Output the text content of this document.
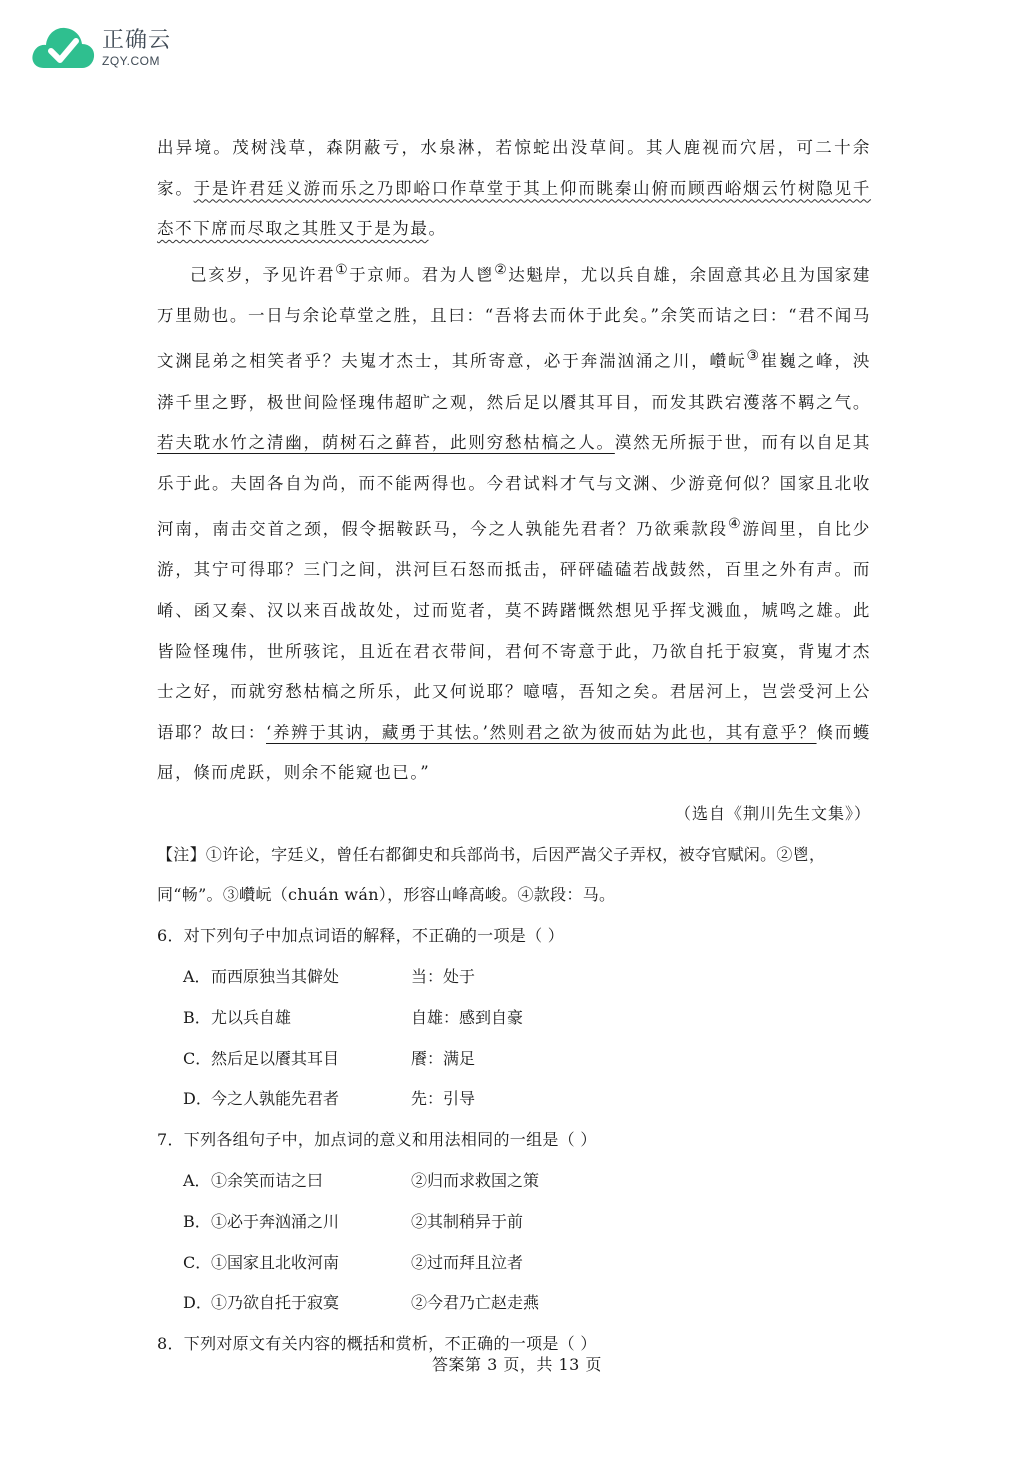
正确云
ZQY.COM

出异境。茂树浅草，森阴蔽亏，水泉淋，若惊蛇出没草间。其人鹿视而穴居，可二十余家。于是许君廷义游而乐之乃即峪口作草堂于其上仰而眺秦山俯而顾西峪烟云竹树隐见千态不下席而尽取之其胜又于是为最。

己亥岁，予见许君①于京师。君为人鬯②达魁岸，尤以兵自雄，余固意其必且为国家建万里勋也。一日与余论草堂之胜，且曰：“吾将去而休于此矣。”余笑而诘之曰：“君不闻马文渊昆弟之相笑者乎？夫嵬才杰士，其所寄意，必于奔湍汹涌之川，巑岏③崔巍之峰，泱漭千里之野，极世间险怪瑰伟超旷之观，然后足以餍其耳目，而发其跌宕濩落不羁之气。若夫耽水竹之清幽，荫树石之藓苔，此则穷愁枯槁之人。漠然无所振于世，而有以自足其乐于此。夫固各自为尚，而不能两得也。今君试料才气与文渊、少游竟何似？国家且北收河南，南击交首之颈，假令据鞍跃马，今之人孰能先君者？乃欲乘款段④游闾里，自比少游，其宁可得耶？三门之间，洪河巨石怒而抵击，砰砰磕磕若战鼓然，百里之外有声。而崤、函又秦、汉以来百战故处，过而览者，莫不踌躇慨然想见乎挥戈溅血，虓鸣之雄。此皆险怪瑰伟，世所骇诧，且近在君衣带间，君何不寄意于此，乃欲自托于寂寞，背嵬才杰士之好，而就穷愁枯槁之所乐，此又何说耶？噫嘻，吾知之矣。君居河上，岂尝受河上公语耶？故曰：‘养辨于其讷，藏勇于其怯。’然则君之欲为彼而姑为此也，其有意乎？倏而蠖屈，倏而虎跃，则余不能窥也已。”

（选自《荆川先生文集》）

【注】①许论，字廷义，曾任右都御史和兵部尚书，后因严嵩父子弄权，被夺官赋闲。②鬯，同“畅”。③巑岏（chuán wán），形容山峰高峻。④款段：马。

6．对下列句子中加点词语的解释，不正确的一项是（ ）

A． 而西原独当其僻处	当：处于
B． 尤以兵自雄	自雄：感到自豪
C． 然后足以餍其耳目	餍：满足
D． 今之人孰能先君者	先：引导

7．下列各组句子中，加点词的意义和用法相同的一组是（ ）

A． ①余笑而诘之曰	②归而求救国之策
B． ①必于奔汹涌之川	②其制稍异于前
C． ①国家且北收河南	②过而拜且泣者
D． ①乃欲自托于寂寞	②今君乃亡赵走燕

8．下列对原文有关内容的概括和赏析，不正确的一项是（ ）

答案第 3 页，共 13 页
